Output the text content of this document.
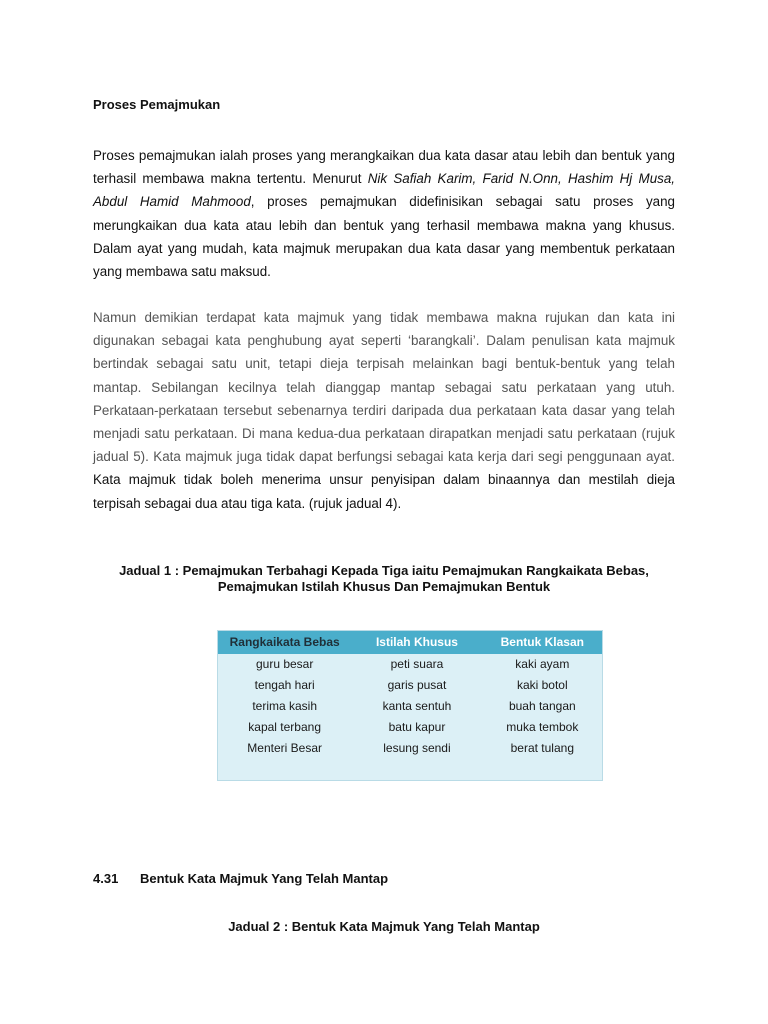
Proses Pemajmukan

Proses pemajmukan ialah proses yang merangkaikan dua kata dasar atau lebih dan bentuk yang terhasil membawa makna tertentu. Menurut Nik Safiah Karim, Farid N.Onn, Hashim Hj Musa, Abdul Hamid Mahmood, proses pemajmukan didefinisikan sebagai satu proses yang merungkaikan dua kata atau lebih dan bentuk yang terhasil membawa makna yang khusus. Dalam ayat yang mudah, kata majmuk merupakan dua kata dasar yang membentuk perkataan yang membawa satu maksud.

Namun demikian terdapat kata majmuk yang tidak membawa makna rujukan dan kata ini digunakan sebagai kata penghubung ayat seperti ‘barangkali’. Dalam penulisan kata majmuk bertindak sebagai satu unit, tetapi dieja terpisah melainkan bagi bentuk-bentuk yang telah mantap. Sebilangan kecilnya telah dianggap mantap sebagai satu perkataan yang utuh. Perkataan-perkataan tersebut sebenarnya terdiri daripada dua perkataan kata dasar yang telah menjadi satu perkataan. Di mana kedua-dua perkataan dirapatkan menjadi satu perkataan (rujuk jadual 5). Kata majmuk juga tidak dapat berfungsi sebagai kata kerja dari segi penggunaan ayat. Kata majmuk tidak boleh menerima unsur penyisipan dalam binaannya dan mestilah dieja terpisah sebagai dua atau tiga kata. (rujuk jadual 4).

Jadual 1 : Pemajmukan Terbahagi Kepada Tiga iaitu Pemajmukan Rangkaikata Bebas, Pemajmukan Istilah Khusus Dan Pemajmukan Bentuk
Rangkaikata Bebas	Istilah Khusus	Bentuk Klasan
guru besar	peti suara	kaki ayam
tengah hari	garis pusat	kaki botol
terima kasih	kanta sentuh	buah tangan
kapal terbang	batu kapur	muka tembok
Menteri Besar	lesung sendi	berat tulang
4.31 Bentuk Kata Majmuk Yang Telah Mantap
Jadual 2 : Bentuk Kata Majmuk Yang Telah Mantap
